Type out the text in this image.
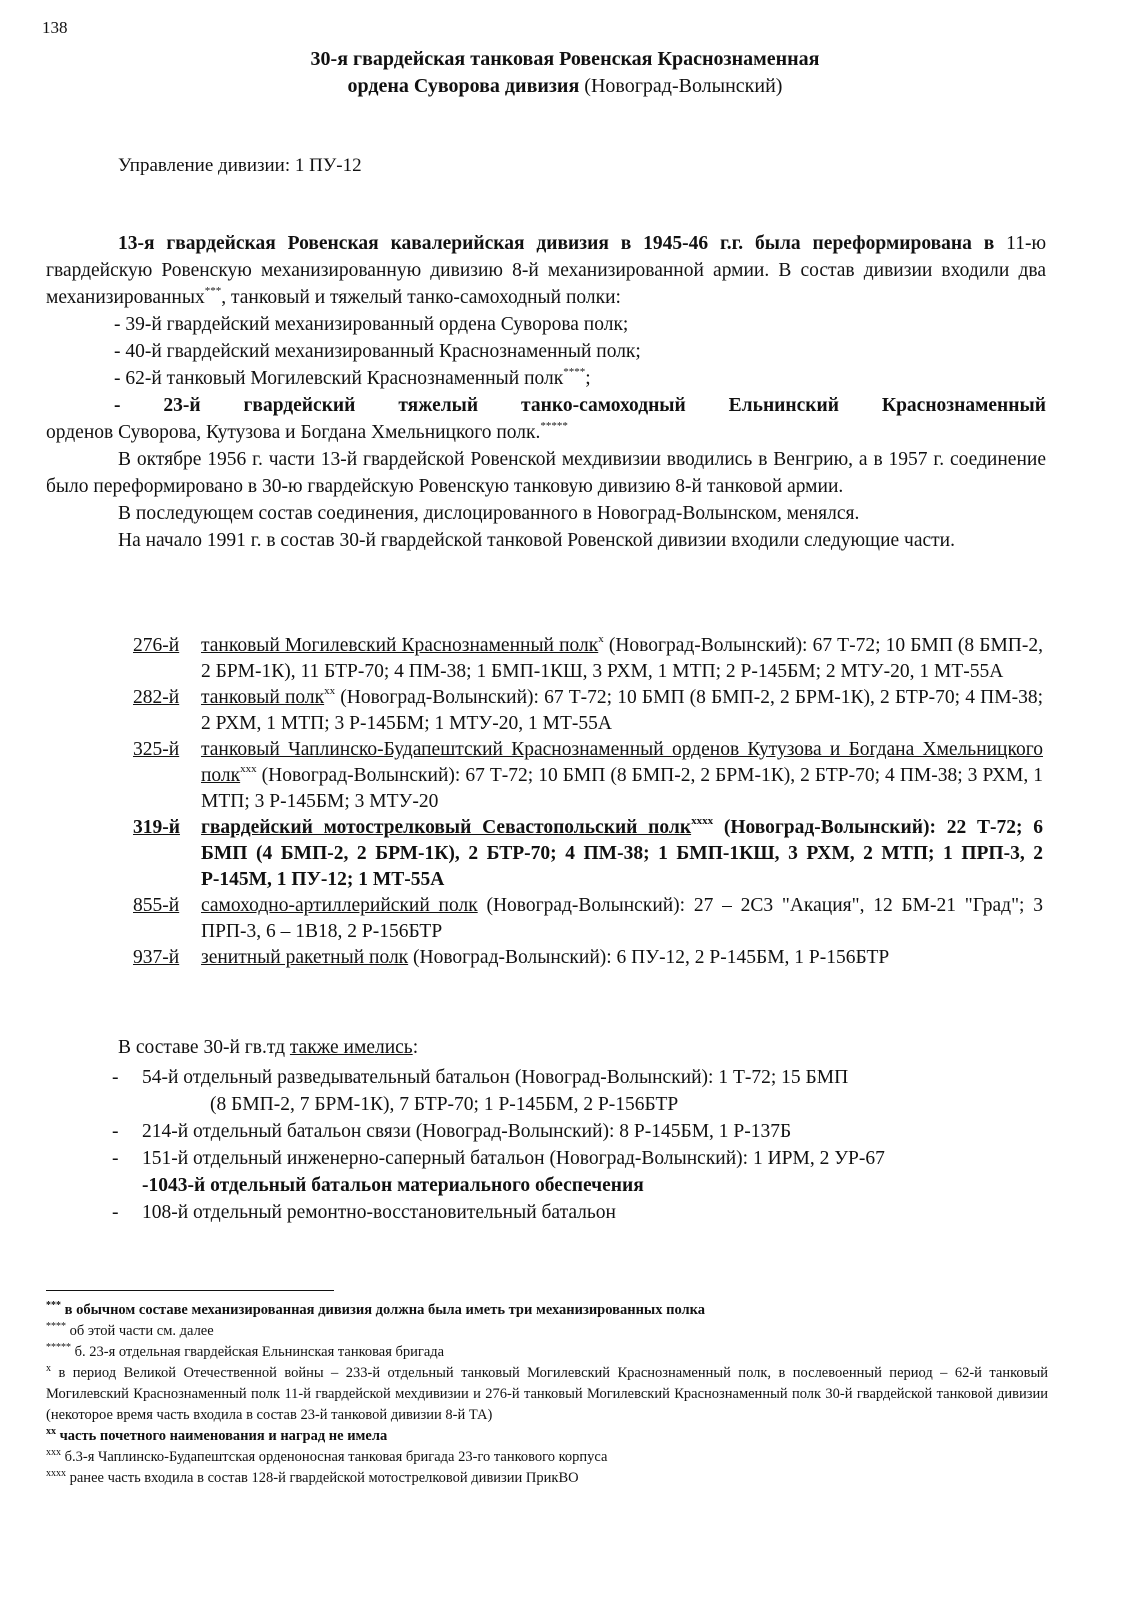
138
30-я гвардейская танковая Ровенская Краснознаменная
ордена Суворова дивизия (Новоград-Волынский)
Управление дивизии: 1 ПУ-12

13-я гвардейская Ровенская кавалерийская дивизия в 1945-46 г.г. была переформирована в 11-ю гвардейскую Ровенскую механизированную дивизию 8-й механизированной армии. В состав дивизии входили два механизированных***, танковый и тяжелый танко-самоходный полки:

- 39-й гвардейский механизированный ордена Суворова полк;

- 40-й гвардейский механизированный Краснознаменный полк;

- 62-й танковый Могилевский Краснознаменный полк****;

- 23-й гвардейский тяжелый танко-самоходный Ельнинский Краснознаменный

орденов Суворова, Кутузова и Богдана Хмельницкого полк.*****

В октябре 1956 г. части 13-й гвардейской Ровенской мехдивизии вводились в Венгрию, а в 1957 г. соединение было переформировано в 30-ю гвардейскую Ровенскую танковую дивизию 8-й танковой армии.

В последующем состав соединения, дислоцированного в Новоград-Волынском, менялся.

На начало 1991 г. в состав 30-й гвардейской танковой Ровенской дивизии входили следующие части.

276-й	танковый Могилевский Краснознаменный полк$^x$ (Новоград-Волынский): 67 Т-72; 10 БМП (8 БМП-2, 2 БРМ-1К), 11 БТР-70; 4 ПМ-38; 1 БМП-1КШ, 3 РХМ, 1 МТП; 2 Р-145БМ; 2 МТУ-20, 1 МТ-55А
282-й	танковый полк$^{xx}$ (Новоград-Волынский): 67 Т-72; 10 БМП (8 БМП-2, 2 БРМ-1К), 2 БТР-70; 4 ПМ-38; 2 РХМ, 1 МТП; 3 Р-145БМ; 1 МТУ-20, 1 МТ-55А
325-й	танковый Чаплинско-Будапештский Краснознаменный орденов Кутузова и Богдана Хмельницкого полк$^{xxx}$ (Новоград-Волынский): 67 Т-72; 10 БМП (8 БМП-2, 2 БРМ-1К), 2 БТР-70; 4 ПМ-38; 3 РХМ, 1 МТП; 3 Р-145БМ; 3 МТУ-20
319-й	гвардейский мотострелковый Севастопольский полк$^{xxxx}$ (Новоград-Волынский): 22 Т-72; 6 БМП (4 БМП-2, 2 БРМ-1К), 2 БТР-70; 4 ПМ-38; 1 БМП-1КШ, 3 РХМ, 2 МТП; 1 ПРП-3, 2 Р-145М, 1 ПУ-12; 1 МТ-55А
855-й	самоходно-артиллерийский полк (Новоград-Волынский): 27 – 2С3 "Акация", 12 БМ-21 "Град"; 3 ПРП-3, 6 – 1В18, 2 Р-156БТР
937-й	зенитный ракетный полк (Новоград-Волынский): 6 ПУ-12, 2 Р-145БМ, 1 Р-156БТР
В составе 30-й гв.тд также имелись:
-	54-й отдельный разведывательный батальон (Новоград-Волынский): 1 Т-72; 15 БМП
(8 БМП-2, 7 БРМ-1К), 7 БТР-70; 1 Р-145БМ, 2 Р-156БТР
-	214-й отдельный батальон связи (Новоград-Волынский): 8 Р-145БМ, 1 Р-137Б
-	151-й отдельный инженерно-саперный батальон (Новоград-Волынский): 1 ИРМ, 2 УР-67
-1043-й отдельный батальон материального обеспечения
-	108-й отдельный ремонтно-восстановительный батальон

*** в обычном составе механизированная дивизия должна была иметь три механизированных полка

**** об этой части см. далее

***** б. 23-я отдельная гвардейская Ельнинская танковая бригада

$^x$ в период Великой Отечественной войны – 233-й отдельный танковый Могилевский Краснознаменный полк, в послевоенный период – 62-й танковый Могилевский Краснознаменный полк 11-й гвардейской мехдивизии и 276-й танковый Могилевский Краснознаменный полк 30-й гвардейской танковой дивизии (некоторое время часть входила в состав 23-й танковой дивизии 8-й ТА)

$^{xx}$ часть почетного наименования и наград не имела

$^{xxx}$ б.3-я Чаплинско-Будапештская орденоносная танковая бригада 23-го танкового корпуса

$^{xxxx}$ ранее часть входила в состав 128-й гвардейской мотострелковой дивизии ПрикВО
